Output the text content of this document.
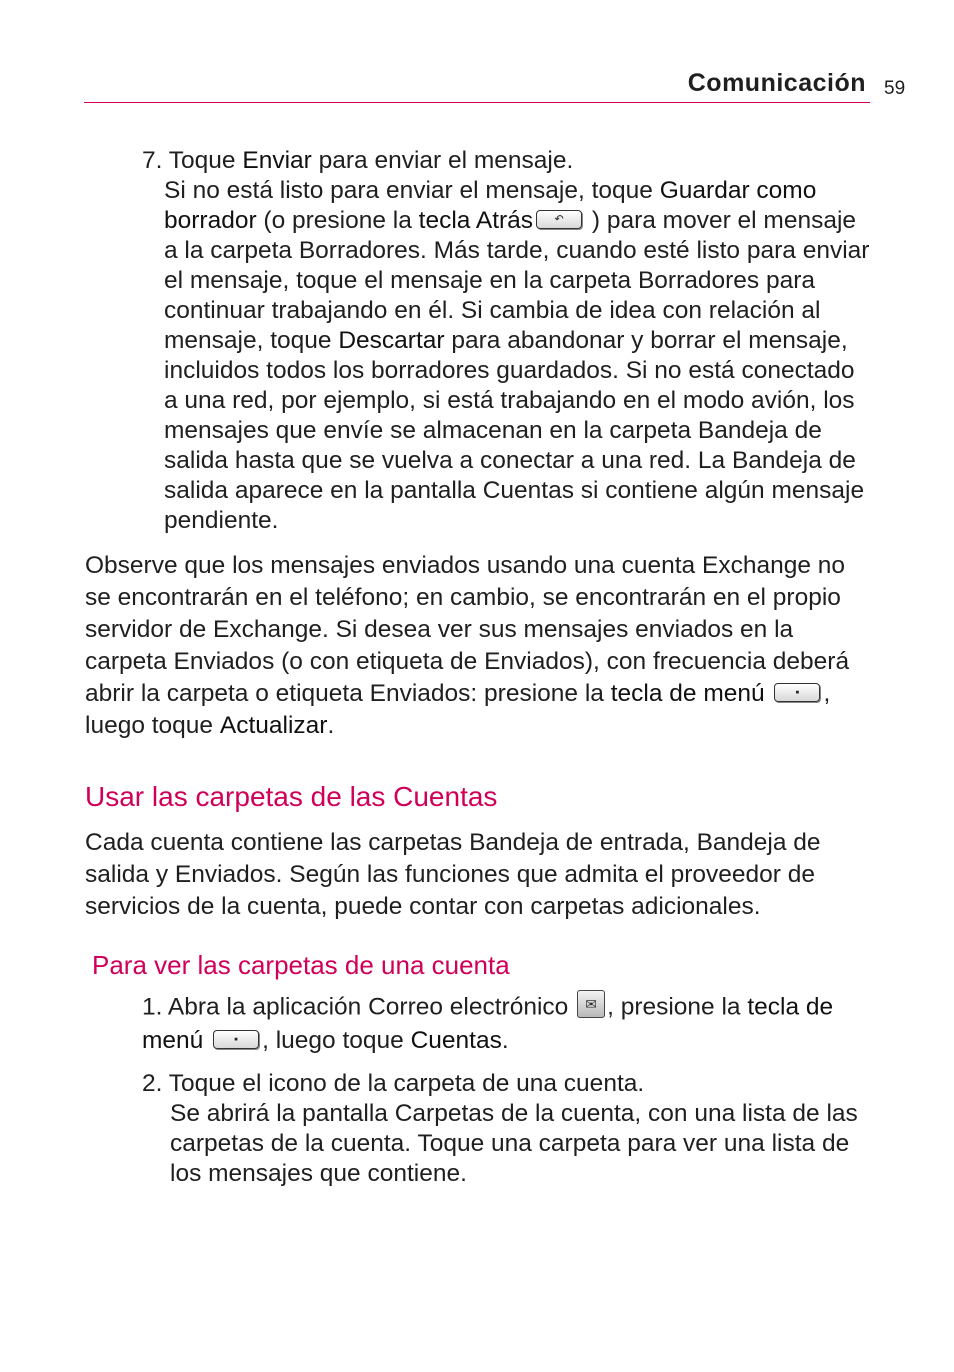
Comunicación 59
7. Toque Enviar para enviar el mensaje.
Si no está listo para enviar el mensaje, toque Guardar como borrador (o presione la tecla Atrás ↶ ) para mover el mensaje a la carpeta Borradores. Más tarde, cuando esté listo para enviar el mensaje, toque el mensaje en la carpeta Borradores para continuar trabajando en él. Si cambia de idea con relación al mensaje, toque Descartar para abandonar y borrar el mensaje, incluidos todos los borradores guardados. Si no está conectado a una red, por ejemplo, si está trabajando en el modo avión, los mensajes que envíe se almacenan en la carpeta Bandeja de salida hasta que se vuelva a conectar a una red. La Bandeja de salida aparece en la pantalla Cuentas si contiene algún mensaje pendiente.
Observe que los mensajes enviados usando una cuenta Exchange no se encontrarán en el teléfono; en cambio, se encontrarán en el propio servidor de Exchange. Si desea ver sus mensajes enviados en la carpeta Enviados (o con etiqueta de Enviados), con frecuencia deberá abrir la carpeta o etiqueta Enviados: presione la tecla de menú	▪ , luego toque Actualizar.
Usar las carpetas de las Cuentas
Cada cuenta contiene las carpetas Bandeja de entrada, Bandeja de salida y Enviados. Según las funciones que admita el proveedor de servicios de la cuenta, puede contar con carpetas adicionales.
Para ver las carpetas de una cuenta
1. Abra la aplicación Correo electrónico ✉ , presione la tecla de menú	▪ , luego toque Cuentas.
2. Toque el icono de la carpeta de una cuenta.
Se abrirá la pantalla Carpetas de la cuenta, con una lista de las carpetas de la cuenta. Toque una carpeta para ver una lista de los mensajes que contiene.
